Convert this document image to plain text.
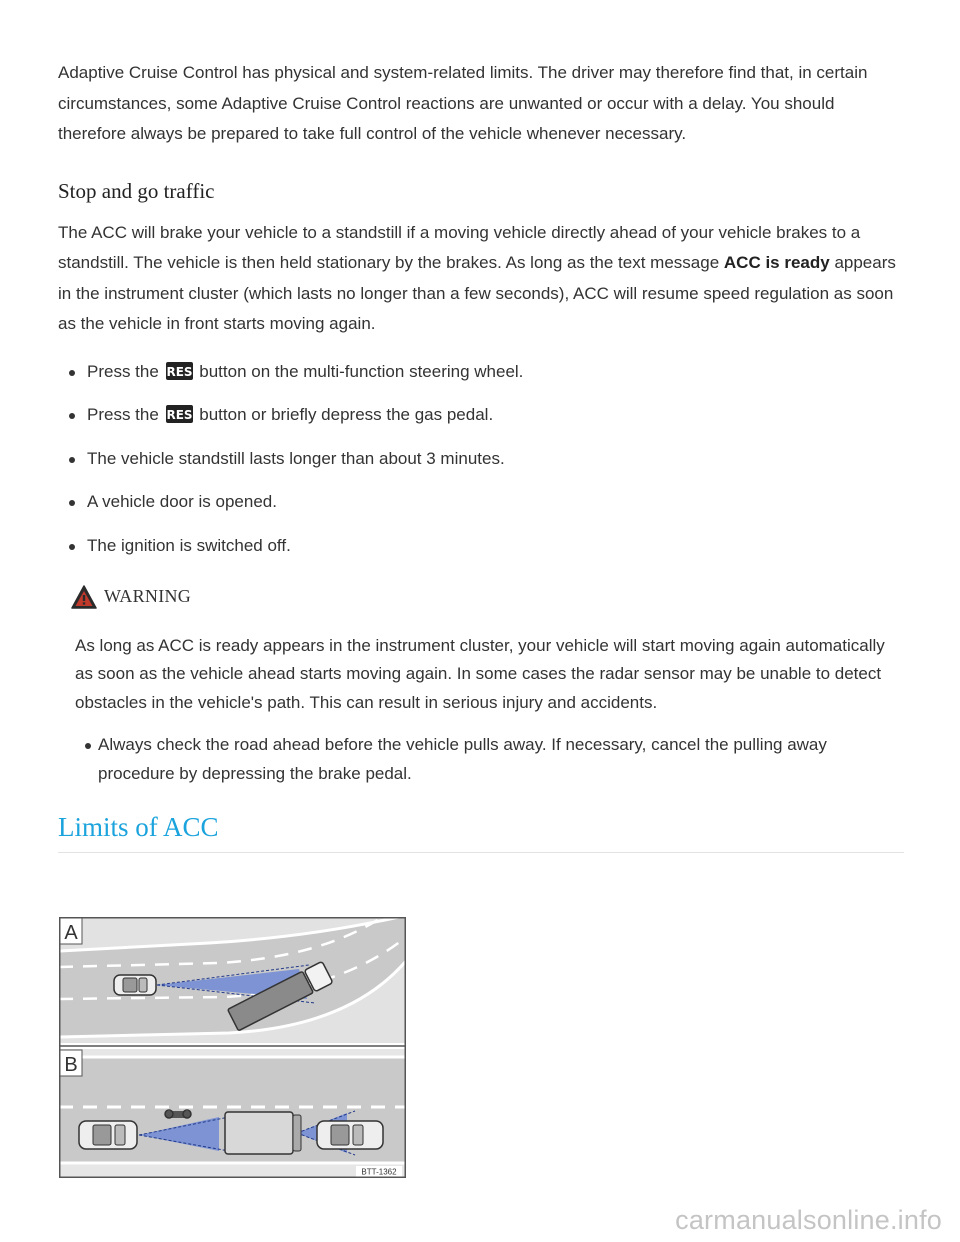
Adaptive Cruise Control has physical and system-related limits. The driver may therefore find that, in certain circumstances, some Adaptive Cruise Control reactions are unwanted or occur with a delay. You should therefore always be prepared to take full control of the vehicle whenever necessary.

Stop and go traffic

The ACC will brake your vehicle to a standstill if a moving vehicle directly ahead of your vehicle brakes to a standstill. The vehicle is then held stationary by the brakes. As long as the text message ACC is ready appears in the instrument cluster (which lasts no longer than a few seconds), ACC will resume speed regulation as soon as the vehicle in front starts moving again.

Press the RES button on the multi-function steering wheel.
Press the RES button or briefly depress the gas pedal.
The vehicle standstill lasts longer than about 3 minutes.
A vehicle door is opened.
The ignition is switched off.
WARNING

As long as ACC is ready appears in the instrument cluster, your vehicle will start moving again automatically as soon as the vehicle ahead starts moving again. In some cases the radar sensor may be unable to detect obstacles in the vehicle's path. This can result in serious injury and accidents.

Always check the road ahead before the vehicle pulls away. If necessary, cancel the pulling away procedure by depressing the brake pedal.
Limits of ACC
A
B
BTT-1362
carmanualsonline.info
